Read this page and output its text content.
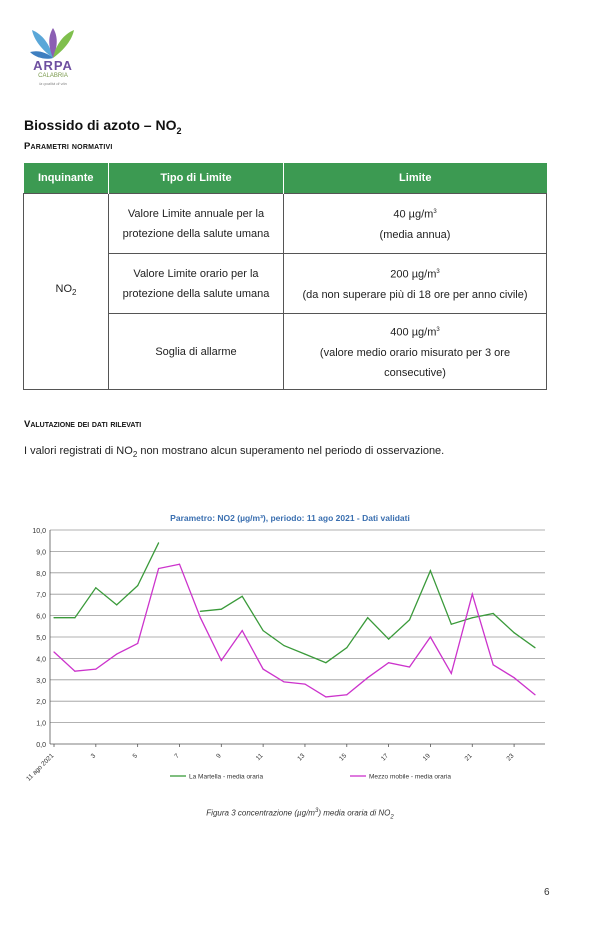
ARPA
CALABRIA
la qualità di vita
Biossido di azoto – $NO_2$
Parametri normativi
Inquinante	Tipo di Limite	Limite
$NO_2$	Valore Limite annuale per la protezione della salute umana	40 $\mu g/m^3$
(media annua)

	Valore Limite orario per la protezione della salute umana	200 $\mu g/m^3$
(da non superare più di 18 ore per anno civile)

	Soglia di allarme	400 $\mu g/m^3$
(valore medio orario misurato per 3 ore consecutive)
Valutazione dei dati rilevati
I valori registrati di $NO_2$ non mostrano alcun superamento nel periodo di osservazione.
Parametro: NO2 (µg/m³), periodo: 11 ago 2021 - Dati validati
0,0
1,0
2,0
3,0
4,0
5,0
6,0
7,0
8,0
9,0
10,0
11 ago 2021	3	5	7	9	11	13	15	17	19	21	23
La Martella - media oraria	Mezzo mobile - media oraria
Figura 3 concentrazione $(\mu g/m^3)$ media oraria di $NO_2$
6
